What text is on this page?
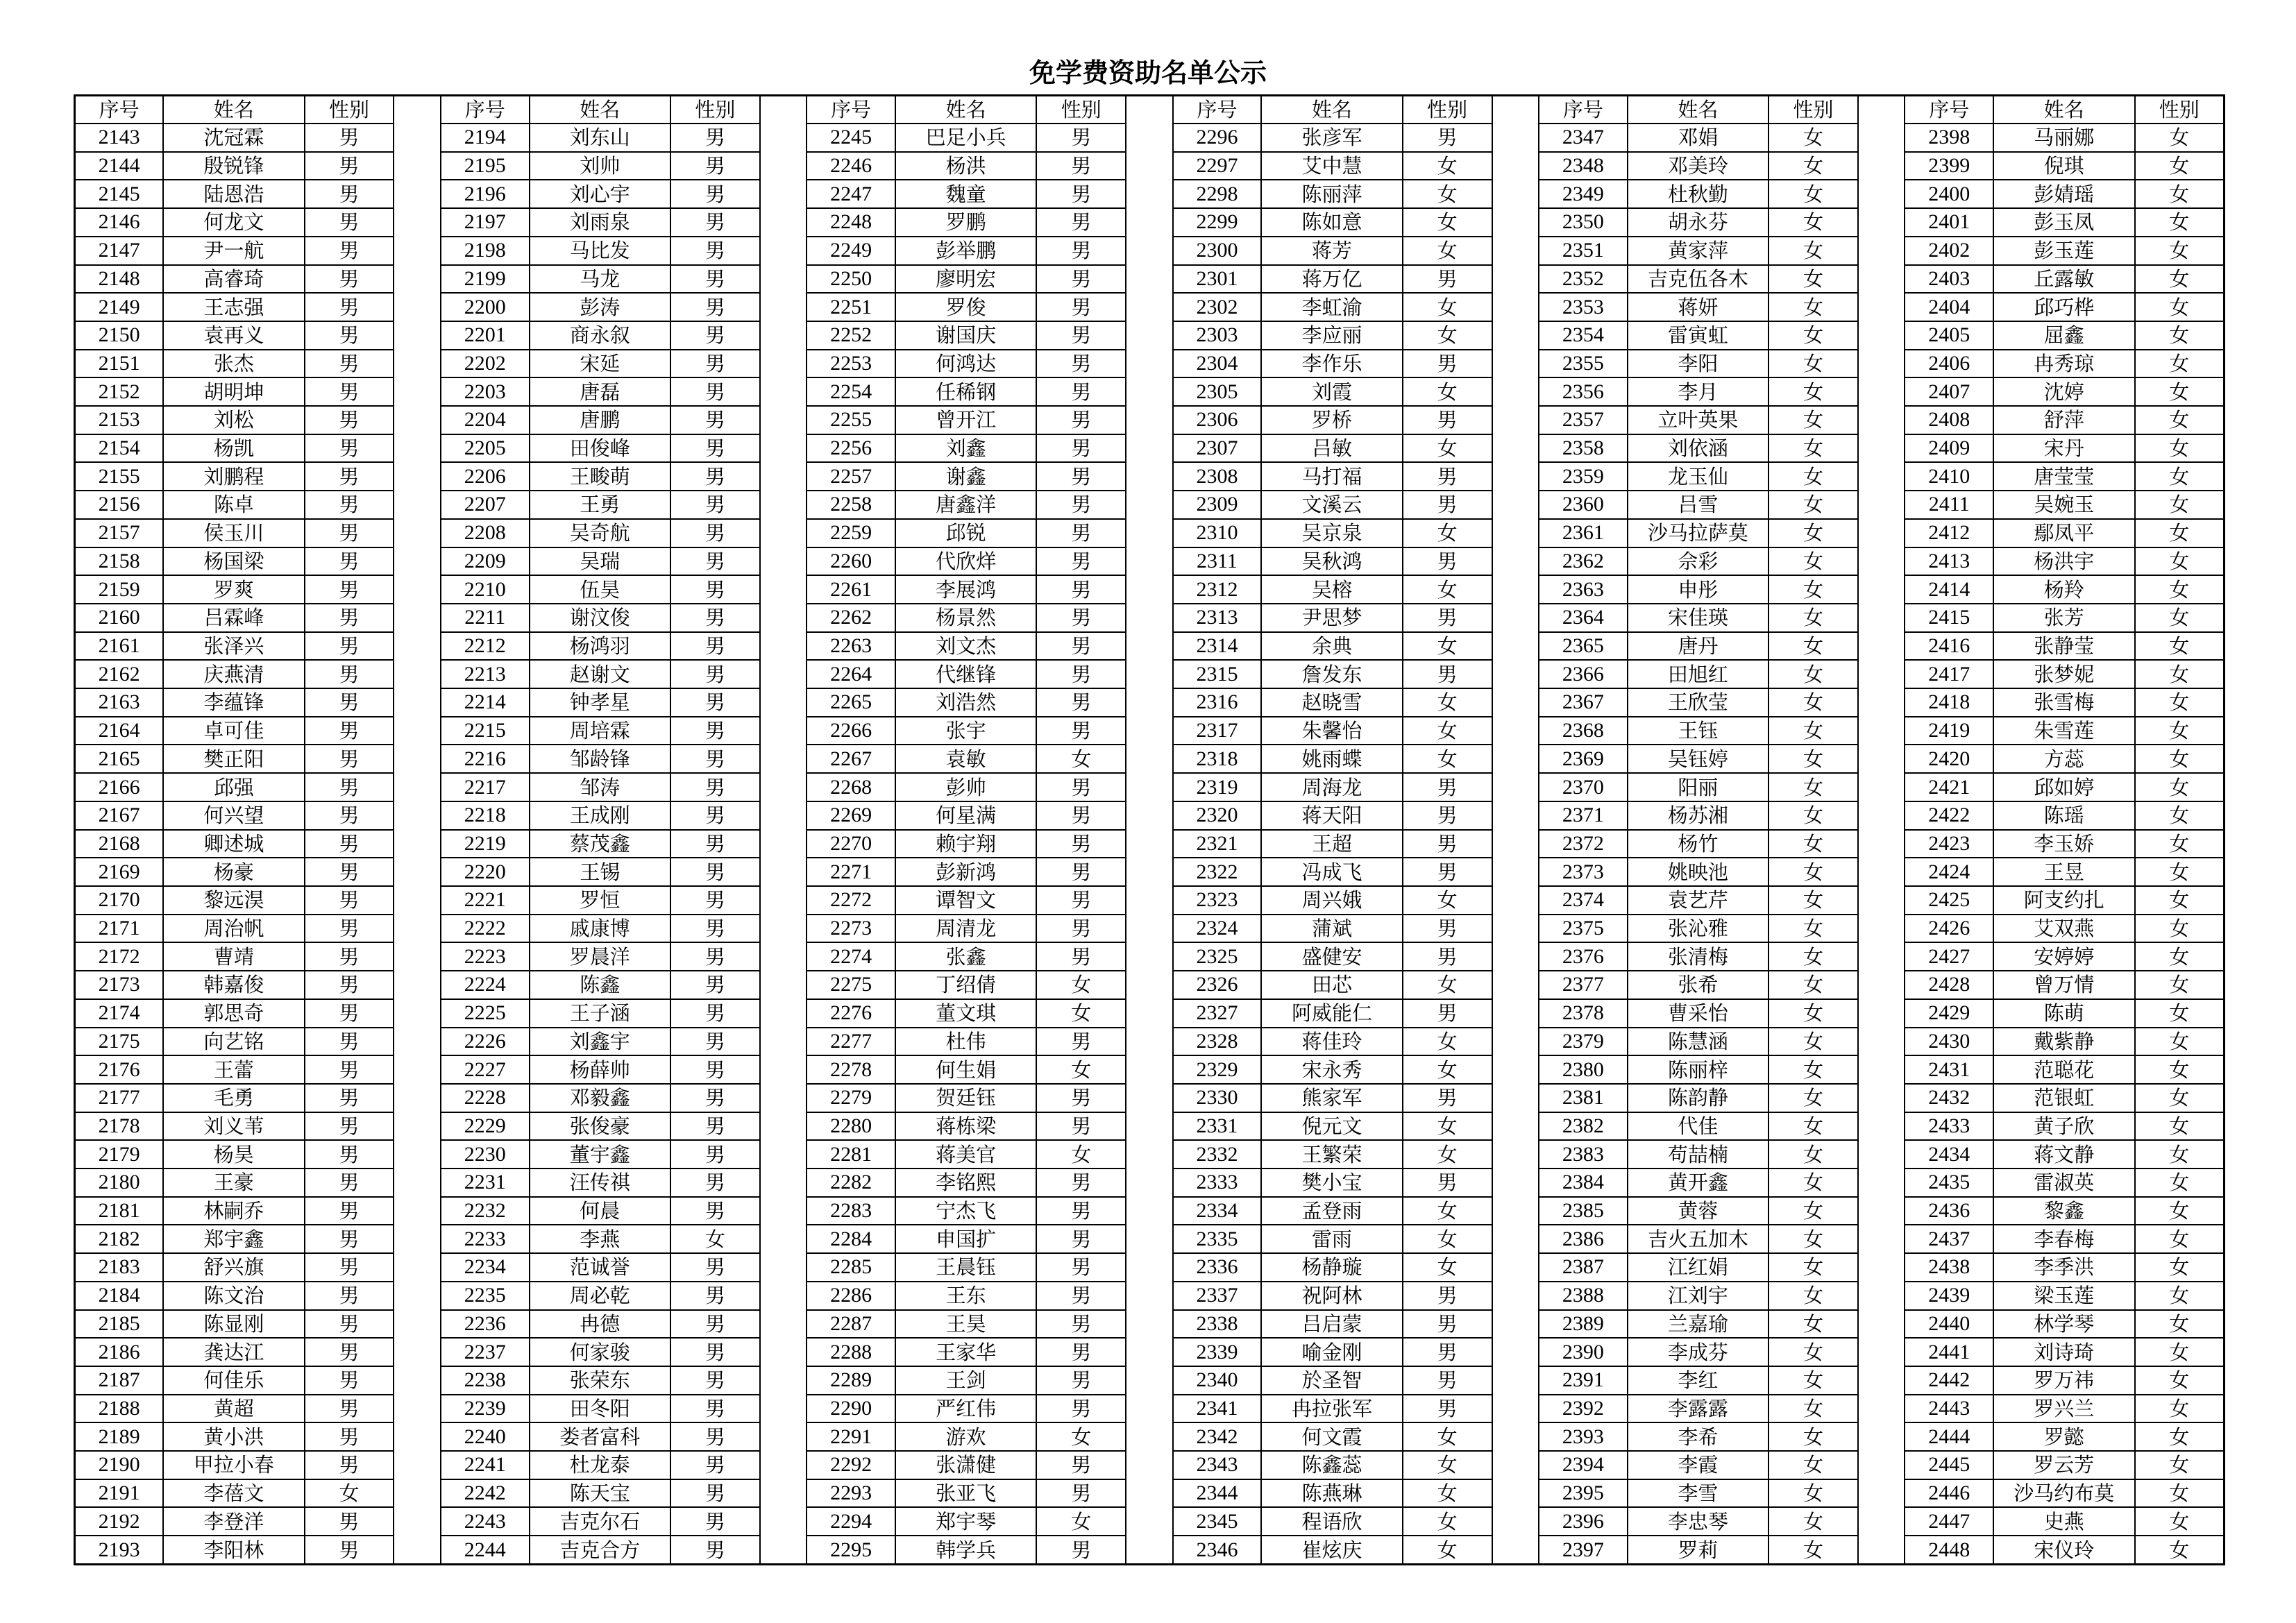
免学费资助名单公示
序号	姓名	性别		序号	姓名	性别		序号	姓名	性别		序号	姓名	性别		序号	姓名	性别		序号	姓名	性别
2143	沈冠霖	男		2194	刘东山	男		2245	巴足小兵	男		2296	张彦军	男		2347	邓娟	女		2398	马丽娜	女
2144	殷锐锋	男		2195	刘帅	男		2246	杨洪	男		2297	艾中慧	女		2348	邓美玲	女		2399	倪琪	女
2145	陆恩浩	男		2196	刘心宇	男		2247	魏童	男		2298	陈丽萍	女		2349	杜秋勤	女		2400	彭婧瑶	女
2146	何龙文	男		2197	刘雨泉	男		2248	罗鹏	男		2299	陈如意	女		2350	胡永芬	女		2401	彭玉凤	女
2147	尹一航	男		2198	马比发	男		2249	彭举鹏	男		2300	蒋芳	女		2351	黄家萍	女		2402	彭玉莲	女
2148	高睿琦	男		2199	马龙	男		2250	廖明宏	男		2301	蒋万亿	男		2352	吉克伍各木	女		2403	丘露敏	女
2149	王志强	男		2200	彭涛	男		2251	罗俊	男		2302	李虹渝	女		2353	蒋妍	女		2404	邱巧桦	女
2150	袁再义	男		2201	商永叙	男		2252	谢国庆	男		2303	李应丽	女		2354	雷寅虹	女		2405	屈鑫	女
2151	张杰	男		2202	宋延	男		2253	何鸿达	男		2304	李作乐	男		2355	李阳	女		2406	冉秀琼	女
2152	胡明坤	男		2203	唐磊	男		2254	任稀钢	男		2305	刘霞	女		2356	李月	女		2407	沈婷	女
2153	刘松	男		2204	唐鹏	男		2255	曾开江	男		2306	罗桥	男		2357	立叶英果	女		2408	舒萍	女
2154	杨凯	男		2205	田俊峰	男		2256	刘鑫	男		2307	吕敏	女		2358	刘依涵	女		2409	宋丹	女
2155	刘鹏程	男		2206	王畯萌	男		2257	谢鑫	男		2308	马打福	男		2359	龙玉仙	女		2410	唐莹莹	女
2156	陈卓	男		2207	王勇	男		2258	唐鑫洋	男		2309	文溪云	男		2360	吕雪	女		2411	吴婉玉	女
2157	侯玉川	男		2208	吴奇航	男		2259	邱锐	男		2310	吴京泉	女		2361	沙马拉萨莫	女		2412	鄢凤平	女
2158	杨国梁	男		2209	吴瑞	男		2260	代欣烊	男		2311	吴秋鸿	男		2362	佘彩	女		2413	杨洪宇	女
2159	罗爽	男		2210	伍昊	男		2261	李展鸿	男		2312	吴榕	女		2363	申彤	女		2414	杨羚	女
2160	吕霖峰	男		2211	谢汶俊	男		2262	杨景然	男		2313	尹思梦	男		2364	宋佳瑛	女		2415	张芳	女
2161	张泽兴	男		2212	杨鸿羽	男		2263	刘文杰	男		2314	余典	女		2365	唐丹	女		2416	张静莹	女
2162	庆燕清	男		2213	赵谢文	男		2264	代继锋	男		2315	詹发东	男		2366	田旭红	女		2417	张梦妮	女
2163	李蕴锋	男		2214	钟孝星	男		2265	刘浩然	男		2316	赵晓雪	女		2367	王欣莹	女		2418	张雪梅	女
2164	卓可佳	男		2215	周培霖	男		2266	张宇	男		2317	朱馨怡	女		2368	王钰	女		2419	朱雪莲	女
2165	樊正阳	男		2216	邹龄锋	男		2267	袁敏	女		2318	姚雨蝶	女		2369	吴钰婷	女		2420	方蕊	女
2166	邱强	男		2217	邹涛	男		2268	彭帅	男		2319	周海龙	男		2370	阳丽	女		2421	邱如婷	女
2167	何兴望	男		2218	王成刚	男		2269	何星满	男		2320	蒋天阳	男		2371	杨苏湘	女		2422	陈瑶	女
2168	卿述城	男		2219	蔡茂鑫	男		2270	赖宇翔	男		2321	王超	男		2372	杨竹	女		2423	李玉娇	女
2169	杨豪	男		2220	王锡	男		2271	彭新鸿	男		2322	冯成飞	男		2373	姚映池	女		2424	王昱	女
2170	黎远淏	男		2221	罗恒	男		2272	谭智文	男		2323	周兴娥	女		2374	袁艺芹	女		2425	阿支约扎	女
2171	周治帆	男		2222	戚康博	男		2273	周清龙	男		2324	蒲斌	男		2375	张沁雅	女		2426	艾双燕	女
2172	曹靖	男		2223	罗晨洋	男		2274	张鑫	男		2325	盛健安	男		2376	张清梅	女		2427	安婷婷	女
2173	韩嘉俊	男		2224	陈鑫	男		2275	丁绍倩	女		2326	田芯	女		2377	张希	女		2428	曾万情	女
2174	郭思奇	男		2225	王子涵	男		2276	董文琪	女		2327	阿威能仁	男		2378	曹采怡	女		2429	陈萌	女
2175	向艺铭	男		2226	刘鑫宇	男		2277	杜伟	男		2328	蒋佳玲	女		2379	陈慧涵	女		2430	戴紫静	女
2176	王蕾	男		2227	杨薛帅	男		2278	何生娟	女		2329	宋永秀	女		2380	陈丽梓	女		2431	范聪花	女
2177	毛勇	男		2228	邓毅鑫	男		2279	贺廷钰	男		2330	熊家军	男		2381	陈韵静	女		2432	范银虹	女
2178	刘义苇	男		2229	张俊豪	男		2280	蒋栋梁	男		2331	倪元文	女		2382	代佳	女		2433	黄子欣	女
2179	杨昊	男		2230	董宇鑫	男		2281	蒋美官	女		2332	王繁荣	女		2383	苟喆楠	女		2434	蒋文静	女
2180	王豪	男		2231	汪传祺	男		2282	李铭熙	男		2333	樊小宝	男		2384	黄开鑫	女		2435	雷淑英	女
2181	林嗣乔	男		2232	何晨	男		2283	宁杰飞	男		2334	孟登雨	女		2385	黄蓉	女		2436	黎鑫	女
2182	郑宇鑫	男		2233	李燕	女		2284	申国扩	男		2335	雷雨	女		2386	吉火五加木	女		2437	李春梅	女
2183	舒兴旗	男		2234	范诚誉	男		2285	王晨钰	男		2336	杨静璇	女		2387	江红娟	女		2438	李季洪	女
2184	陈文治	男		2235	周必乾	男		2286	王东	男		2337	祝阿林	男		2388	江刘宇	女		2439	梁玉莲	女
2185	陈显刚	男		2236	冉德	男		2287	王昊	男		2338	吕启蒙	男		2389	兰嘉瑜	女		2440	林学琴	女
2186	龚达江	男		2237	何家骏	男		2288	王家华	男		2339	喻金刚	男		2390	李成芬	女		2441	刘诗琦	女
2187	何佳乐	男		2238	张荣东	男		2289	王剑	男		2340	於圣智	男		2391	李红	女		2442	罗万祎	女
2188	黄超	男		2239	田冬阳	男		2290	严红伟	男		2341	冉拉张军	男		2392	李露露	女		2443	罗兴兰	女
2189	黄小洪	男		2240	娄者富科	男		2291	游欢	女		2342	何文霞	女		2393	李希	女		2444	罗懿	女
2190	甲拉小春	男		2241	杜龙泰	男		2292	张潇健	男		2343	陈鑫蕊	女		2394	李霞	女		2445	罗云芳	女
2191	李蓓文	女		2242	陈天宝	男		2293	张亚飞	男		2344	陈燕琳	女		2395	李雪	女		2446	沙马约布莫	女
2192	李登洋	男		2243	吉克尔石	男		2294	郑宇琴	女		2345	程语欣	女		2396	李忠琴	女		2447	史燕	女
2193	李阳林	男		2244	吉克合方	男		2295	韩学兵	男		2346	崔炫庆	女		2397	罗莉	女		2448	宋仪玲	女
